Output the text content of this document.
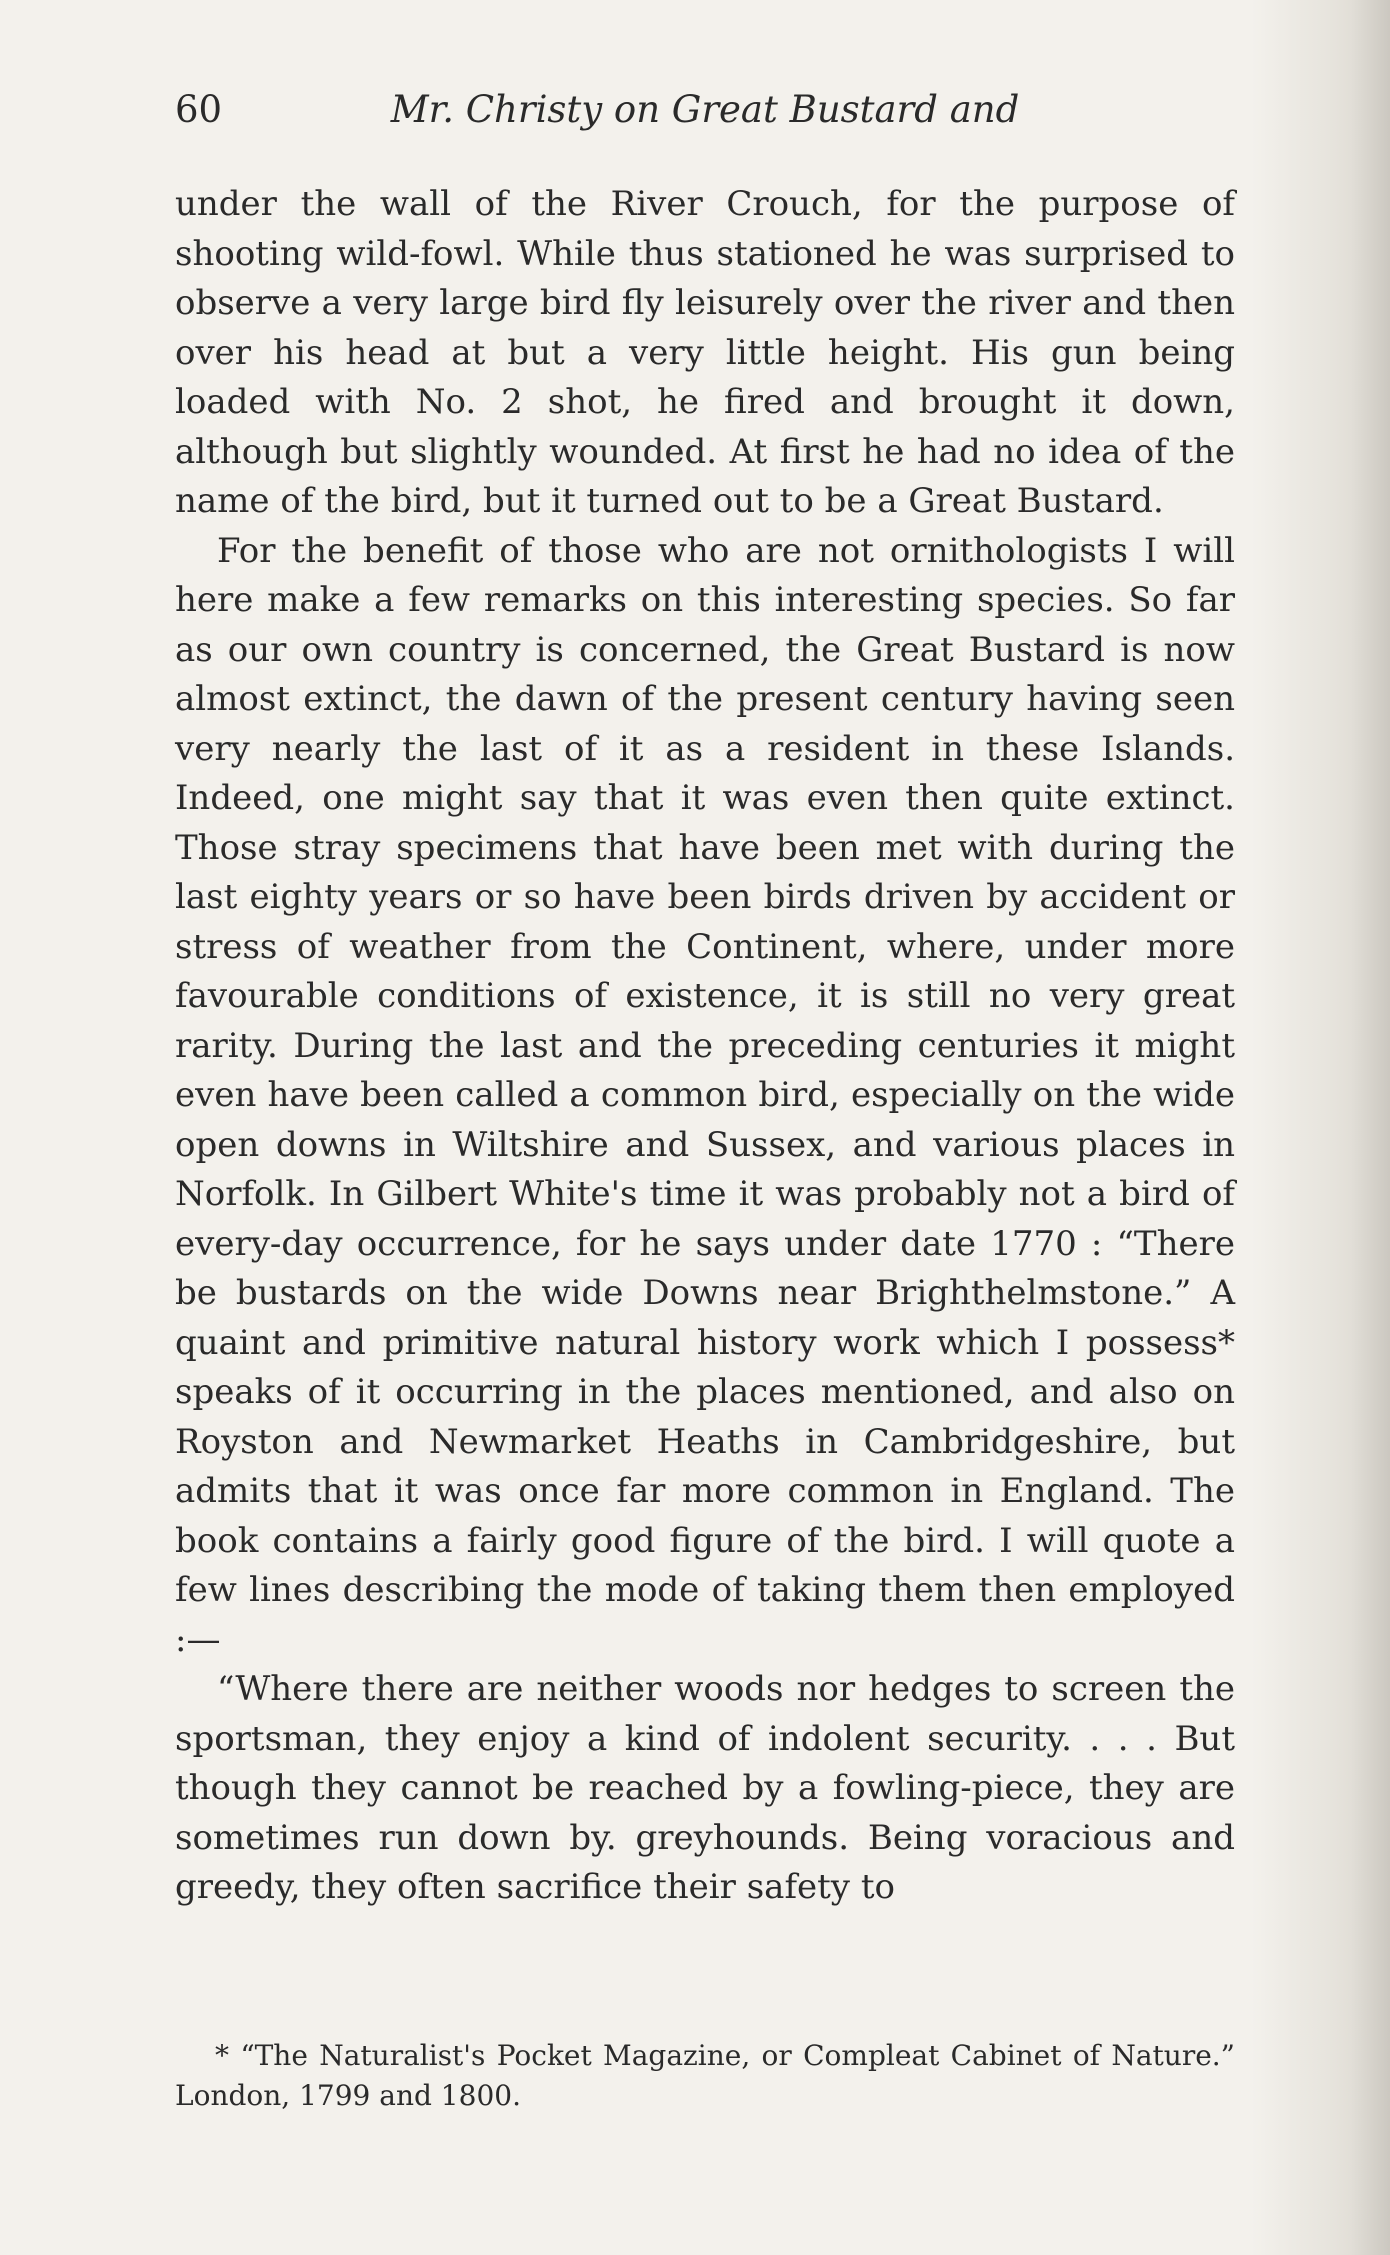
60	Mr. Christy on Great Bustard and

under the wall of the River Crouch, for the purpose of shooting wild-fowl. While thus stationed he was surprised to observe a very large bird fly leisurely over the river and then over his head at but a very little height. His gun being loaded with No. 2 shot, he fired and brought it down, although but slightly wounded. At first he had no idea of the name of the bird, but it turned out to be a Great Bustard.

For the benefit of those who are not ornithologists I will here make a few remarks on this interesting species. So far as our own country is concerned, the Great Bustard is now almost extinct, the dawn of the present century having seen very nearly the last of it as a resident in these Islands. Indeed, one might say that it was even then quite extinct. Those stray specimens that have been met with during the last eighty years or so have been birds driven by accident or stress of weather from the Continent, where, under more favourable conditions of existence, it is still no very great rarity. During the last and the preceding centuries it might even have been called a common bird, especially on the wide open downs in Wiltshire and Sussex, and various places in Norfolk. In Gilbert White's time it was probably not a bird of every-day occurrence, for he says under date 1770 : “There be bustards on the wide Downs near Brighthelmstone.” A quaint and primitive natural history work which I possess* speaks of it occurring in the places mentioned, and also on Royston and Newmarket Heaths in Cambridgeshire, but admits that it was once far more common in England. The book contains a fairly good figure of the bird. I will quote a few lines describing the mode of taking them then employed :—

“Where there are neither woods nor hedges to screen the sportsman, they enjoy a kind of indolent security. . . . But though they cannot be reached by a fowling-piece, they are sometimes run down by. greyhounds. Being voracious and greedy, they often sacrifice their safety to

* “The Naturalist's Pocket Magazine, or Compleat Cabinet of Nature.” London, 1799 and 1800.
